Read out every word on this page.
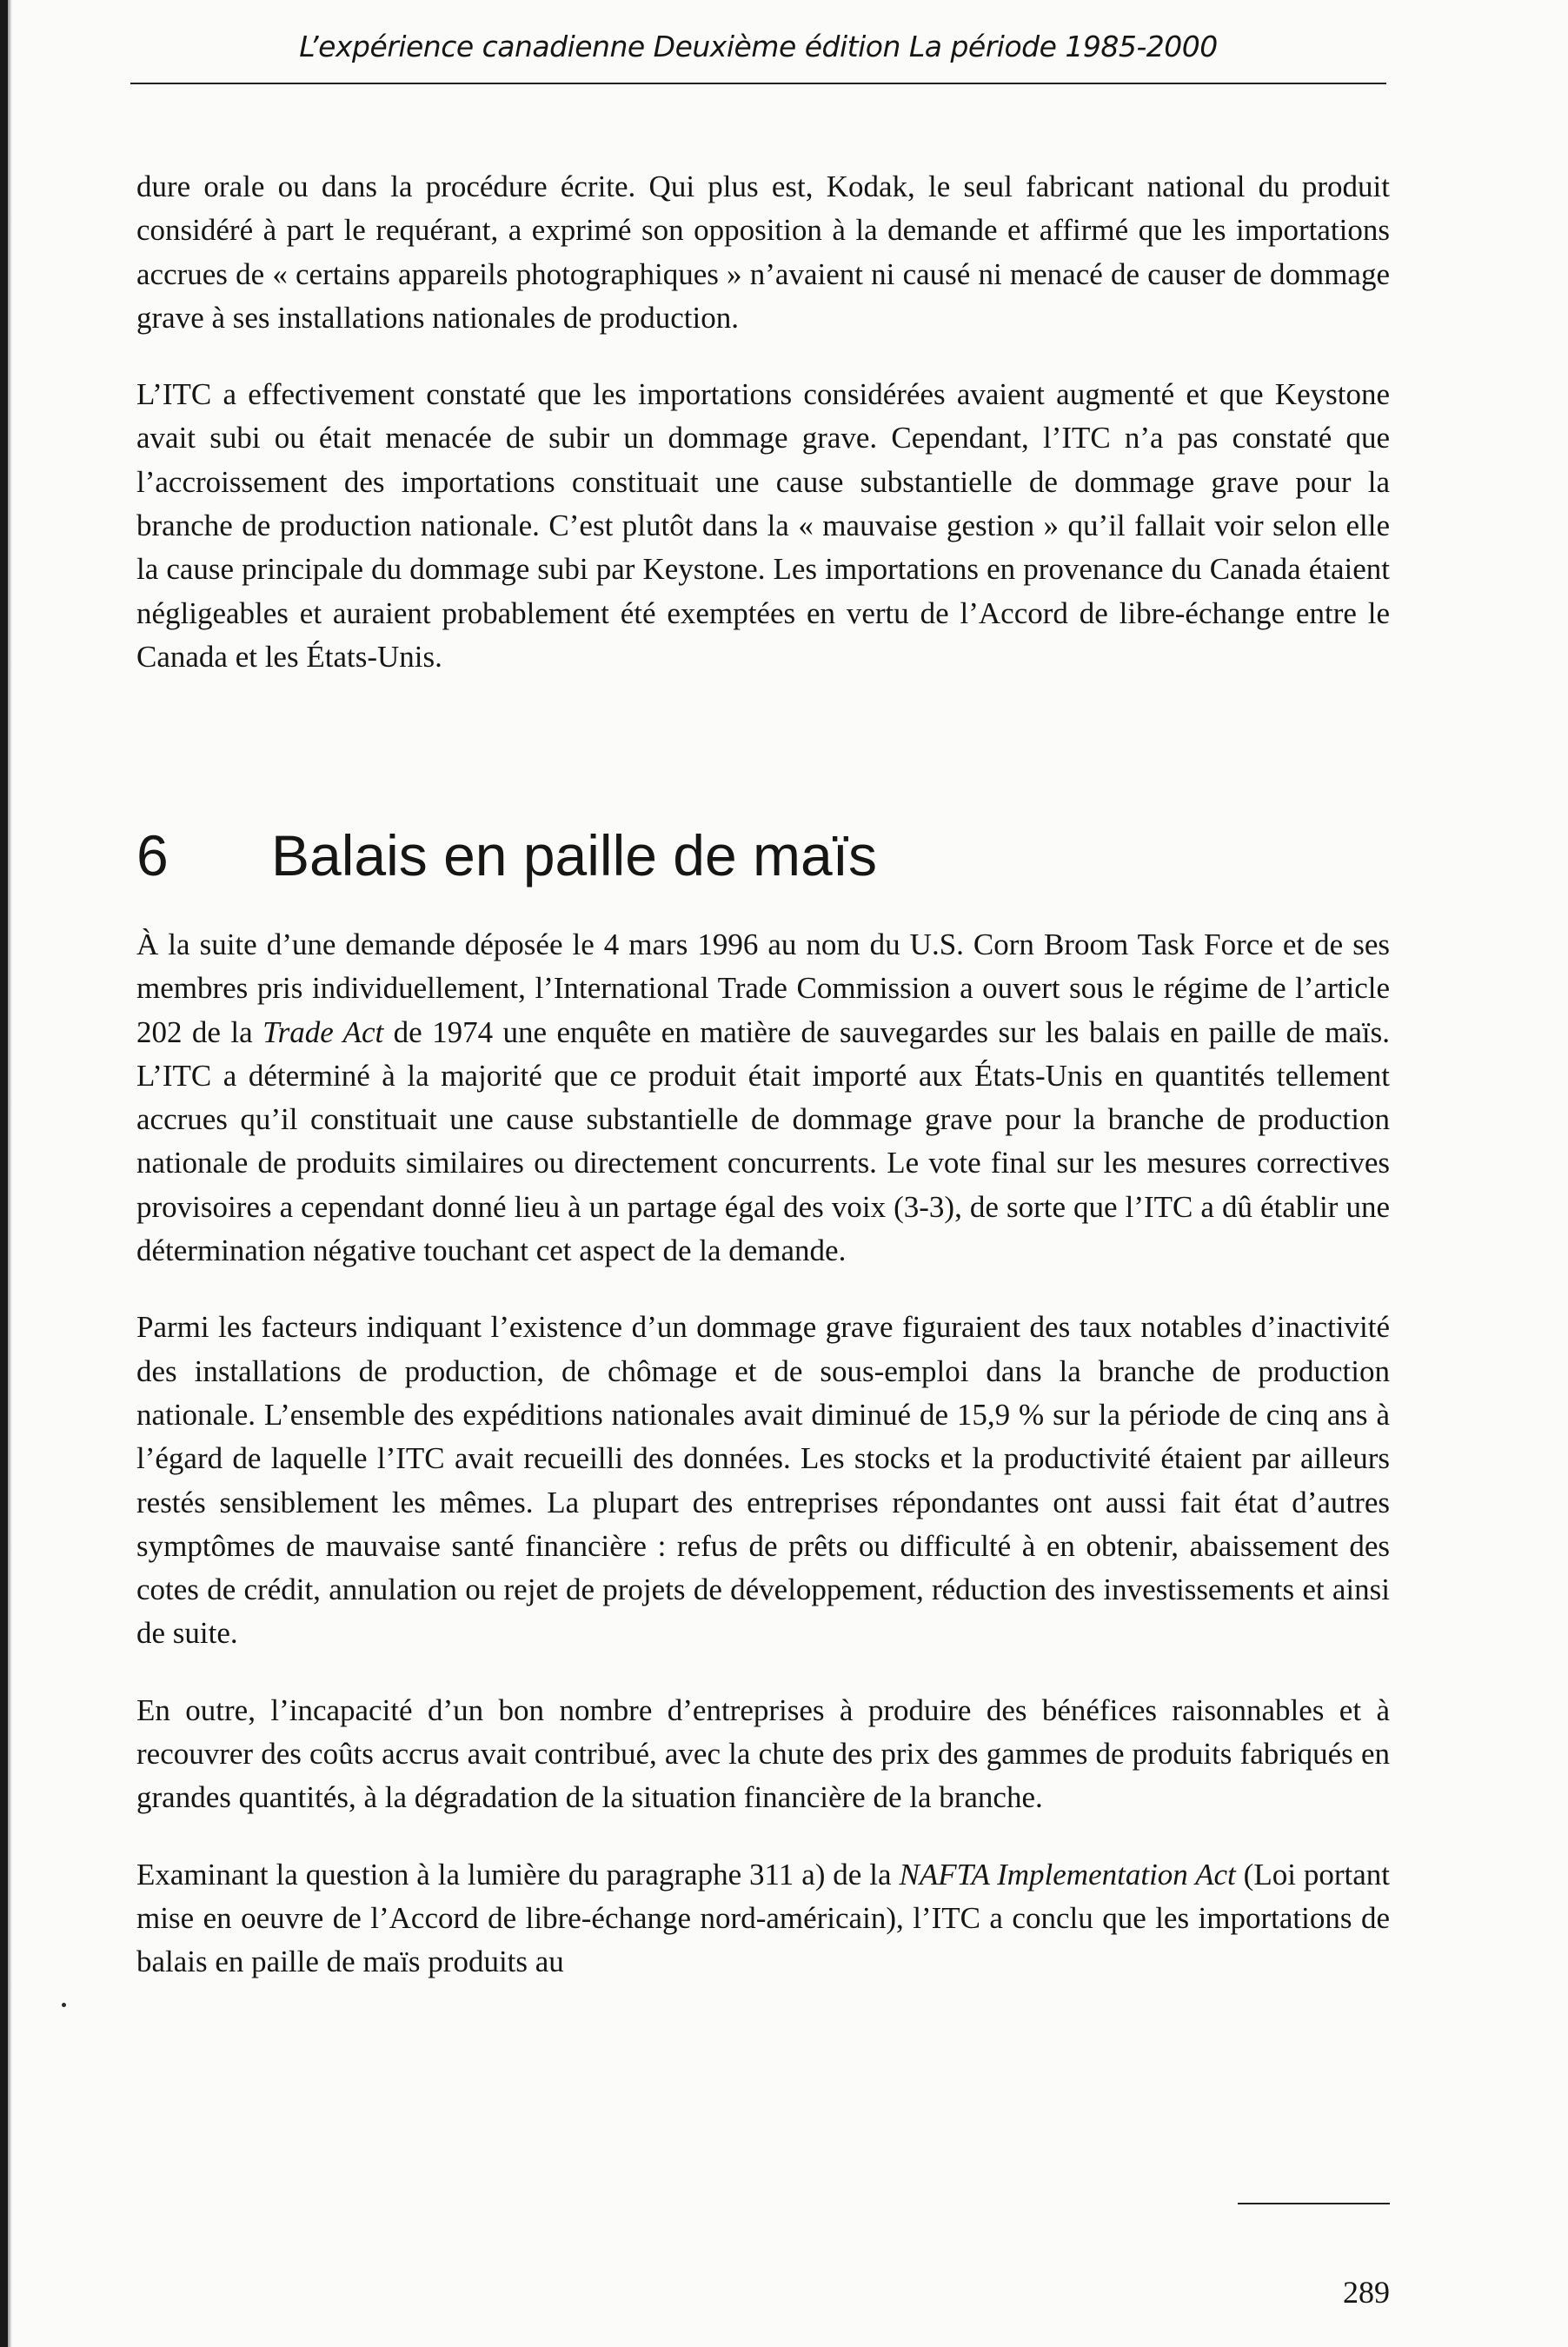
L’expérience canadienne Deuxième édition La période 1985-2000

dure orale ou dans la procédure écrite. Qui plus est, Kodak, le seul fabricant national du produit considéré à part le requérant, a exprimé son opposition à la demande et affirmé que les importations accrues de « certains appareils photographiques » n’avaient ni causé ni menacé de causer de dommage grave à ses installations nationales de production.

L’ITC a effectivement constaté que les importations considérées avaient augmenté et que Keystone avait subi ou était menacée de subir un dommage grave. Cependant, l’ITC n’a pas constaté que l’accroissement des importations constituait une cause substantielle de dommage grave pour la branche de production nationale. C’est plutôt dans la « mauvaise gestion » qu’il fallait voir selon elle la cause principale du dommage subi par Keystone. Les importations en provenance du Canada étaient négligeables et auraient probablement été exemptées en vertu de l’Accord de libre-échange entre le Canada et les États-Unis.

6 Balais en paille de maïs

À la suite d’une demande déposée le 4 mars 1996 au nom du U.S. Corn Broom Task Force et de ses membres pris individuellement, l’International Trade Commission a ouvert sous le régime de l’article 202 de la Trade Act de 1974 une enquête en matière de sauvegardes sur les balais en paille de maïs. L’ITC a déterminé à la majorité que ce produit était importé aux États-Unis en quantités tellement accrues qu’il constituait une cause substantielle de dommage grave pour la branche de production nationale de produits similaires ou directement concurrents. Le vote final sur les mesures correctives provisoires a cependant donné lieu à un partage égal des voix (3-3), de sorte que l’ITC a dû établir une détermination négative touchant cet aspect de la demande.

Parmi les facteurs indiquant l’existence d’un dommage grave figuraient des taux notables d’inactivité des installations de production, de chômage et de sous-emploi dans la branche de production nationale. L’ensemble des expéditions nationales avait diminué de 15,9 % sur la période de cinq ans à l’égard de laquelle l’ITC avait recueilli des données. Les stocks et la productivité étaient par ailleurs restés sensiblement les mêmes. La plupart des entreprises répondantes ont aussi fait état d’autres symptômes de mauvaise santé financière : refus de prêts ou difficulté à en obtenir, abaissement des cotes de crédit, annulation ou rejet de projets de développement, réduction des investissements et ainsi de suite.

En outre, l’incapacité d’un bon nombre d’entreprises à produire des bénéfices raisonnables et à recouvrer des coûts accrus avait contribué, avec la chute des prix des gammes de produits fabriqués en grandes quantités, à la dégradation de la situation financière de la branche.

Examinant la question à la lumière du paragraphe 311 a) de la NAFTA Implementation Act (Loi portant mise en oeuvre de l’Accord de libre-échange nord-américain), l’ITC a conclu que les importations de balais en paille de maïs produits au

289
